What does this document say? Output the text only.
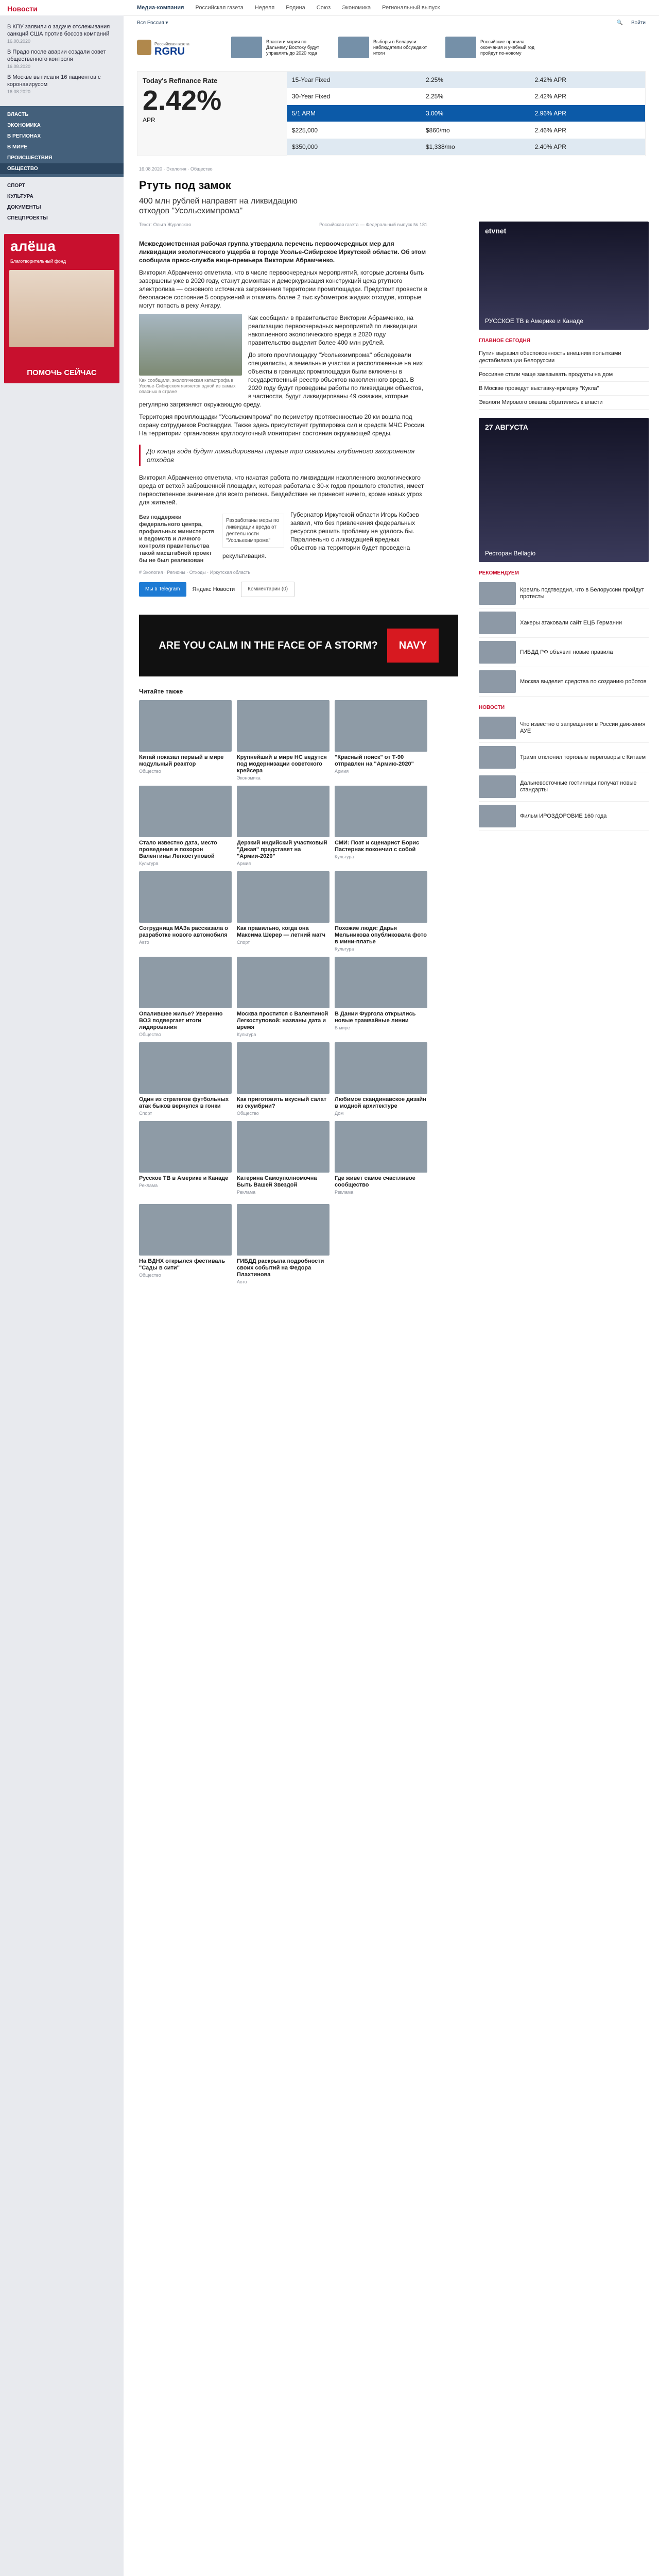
Новости
В КПУ заявили о задаче отслеживания санкций США против боссов компаний
16.08.2020
В Прадо после аварии создали совет общественного контроля
16.08.2020
В Москве выписали 16 пациентов с коронавирусом
16.08.2020
ВЛАСТЬ
ЭКОНОМИКА
В РЕГИОНАХ
В МИРЕ
ПРОИСШЕСТВИЯ
ОБЩЕСТВО
СПОРТ
КУЛЬТУРА
ДОКУМЕНТЫ
СПЕЦПРОЕКТЫ
алёша
Благотворительный фонд
ПОМОЧЬ СЕЙЧАС
Медиа-компания Российская газета Неделя Родина Союз Экономика Региональный выпуск
Вся Россия ▾	🔍 Войти
Российская газета
RGRU
Власти и мэрия по Дальнему Востоку будут управлять до 2020 года
Выборы в Беларуси: наблюдатели обсуждают итоги
Российские правила окончания и учебный год пройдут по-новому
Today's Refinance Rate
2.42%
APR
15-Year Fixed	2.25%	2.42% APR
30-Year Fixed	2.25%	2.42% APR
5/1 ARM	3.00%	2.96% APR
$225,000	$860/mo	2.46% APR
$350,000	$1,338/mo	2.40% APR
16.08.2020 · Экология · Общество
Ртуть под замок
400 млн рублей направят на ликвидацию отходов "Усольехимпрома"
Текст: Ольга Журавская	Российская газета — Федеральный выпуск № 181

Межведомственная рабочая группа утвердила перечень первоочередных мер для ликвидации экологического ущерба в городе Усолье-Сибирское Иркутской области. Об этом сообщила пресс-служба вице-премьера Виктории Абрамченко.

Виктория Абрамченко отметила, что в числе первоочередных мероприятий, которые должны быть завершены уже в 2020 году, станут демонтаж и демеркуризация конструкций цеха ртутного электролиза — основного источника загрязнения территории промплощадки. Предстоит провести в безопасное состояние 5 сооружений и откачать более 2 тыс кубометров жидких отходов, которые могут попасть в реку Ангару.

Как сообщили, экологическая катастрофа в Усолье-Сибирском является одной из самых опасных в стране

Как сообщили в правительстве Виктории Абрамченко, на реализацию первоочередных мероприятий по ликвидации накопленного экологического вреда в 2020 году правительство выделит более 400 млн рублей.

До этого промплощадку "Усольехимпрома" обследовали специалисты, а земельные участки и расположенные на них объекты в границах промплощадки были включены в государственный реестр объектов накопленного вреда. В 2020 году будут проведены работы по ликвидации объектов, в частности, будут ликвидированы 49 скважин, которые регулярно загрязняют окружающую среду.

Территория промплощадки "Усольехимпрома" по периметру протяженностью 20 км вошла под охрану сотрудников Росгвардии. Также здесь присутствует группировка сил и средств МЧС России. На территории организован круглосуточный мониторинг состояния окружающей среды.

До конца года будут ликвидированы первые три скважины глубинного захоронения отходов

Виктория Абрамченко отметила, что начатая работа по ликвидации накопленного экологического вреда от ветхой заброшенной площадки, которая работала с 30-х годов прошлого столетия, имеет первостепенное значение для всего региона. Бездействие не принесет ничего, кроме новых угроз для жителей.

Без поддержки федерального центра, профильных министерств и ведомств и личного контроля правительства такой масштабной проект бы не был реализован
Разработаны меры по ликвидации вреда от деятельности "Усольехимпрома"

Губернатор Иркутской области Игорь Кобзев заявил, что без привлечения федеральных ресурсов решить проблему не удалось бы. Параллельно с ликвидацией вредных объектов на территории будет проведена рекультивация.

# Экология · Регионы · Отходы · Иркутская область
Мы в Telegram	Яндекс Новости	Комментарии (0)
ARE YOU CALM IN THE FACE OF A STORM?	NAVY
Читайте также
Китай показал первый в мире модульный реактор
Общество
Крупнейший в мире НС ведутся под модернизации советского крейсера
Экономика
"Красный поиск" от Т-90 отправлен на "Армию-2020"
Армия
Стало известно дата, место проведения и похорон Валентины Легкоступовой
Культура
Дерзкий индийский участковый "Дикая" представят на "Армии-2020"
Армия
СМИ: Поэт и сценарист Борис Пастернак покончил с собой
Культура
Сотрудница МАЗа рассказала о разработке нового автомобиля
Авто
Как правильно, когда она Максима Шерер — летний матч
Спорт
Похожие люди: Дарья Мельникова опубликовала фото в мини-платье
Культура
Опалившее жилье? Уверенно ВОЗ подвергает итоги лидирования
Общество
Москва простится с Валентиной Легкоступовой: названы дата и время
Культура
В Дании Фургола открылись новые трамвайные линии
В мире
Один из стратегов футбольных атак быков вернулся в гонки
Спорт
Как приготовить вкусный салат из скумбрии?
Общество
Любимое скандинавское дизайн в модной архитектуре
Дом
Русское ТВ в Америке и Канаде
Реклама
Катерина Самоуполномочна Быть Вашей Звездой
Реклама
Где живет самое счастливое сообщество
Реклама
На ВДНХ открылся фестиваль "Сады в сити"
Общество
ГИБДД раскрыла подробности своих событий на Федора Плахтинова
Авто
etvnet
РУССКОЕ ТВ в Америке и Канаде
ГЛАВНОЕ СЕГОДНЯ
Путин выразил обеспокоенность внешним попытками дестабилизации Белоруссии
Россияне стали чаще заказывать продукты на дом
В Москве проведут выставку-ярмарку "Кукла"
Экологи Мирового океана обратились к власти
27 АВГУСТА
Ресторан Bellagio
РЕКОМЕНДУЕМ
Кремль подтвердил, что в Белоруссии пройдут протесты
Хакеры атаковали сайт ЕЦБ Германии
ГИБДД РФ объявит новые правила
Москва выделит средства по созданию роботов
НОВОСТИ
Что известно о запрещении в России движения АУЕ
Трамп отклонил торговые переговоры с Китаем
Дальневосточные гостиницы получат новые стандарты
Фильм ИРОЗДОРОВИЕ 160 года
